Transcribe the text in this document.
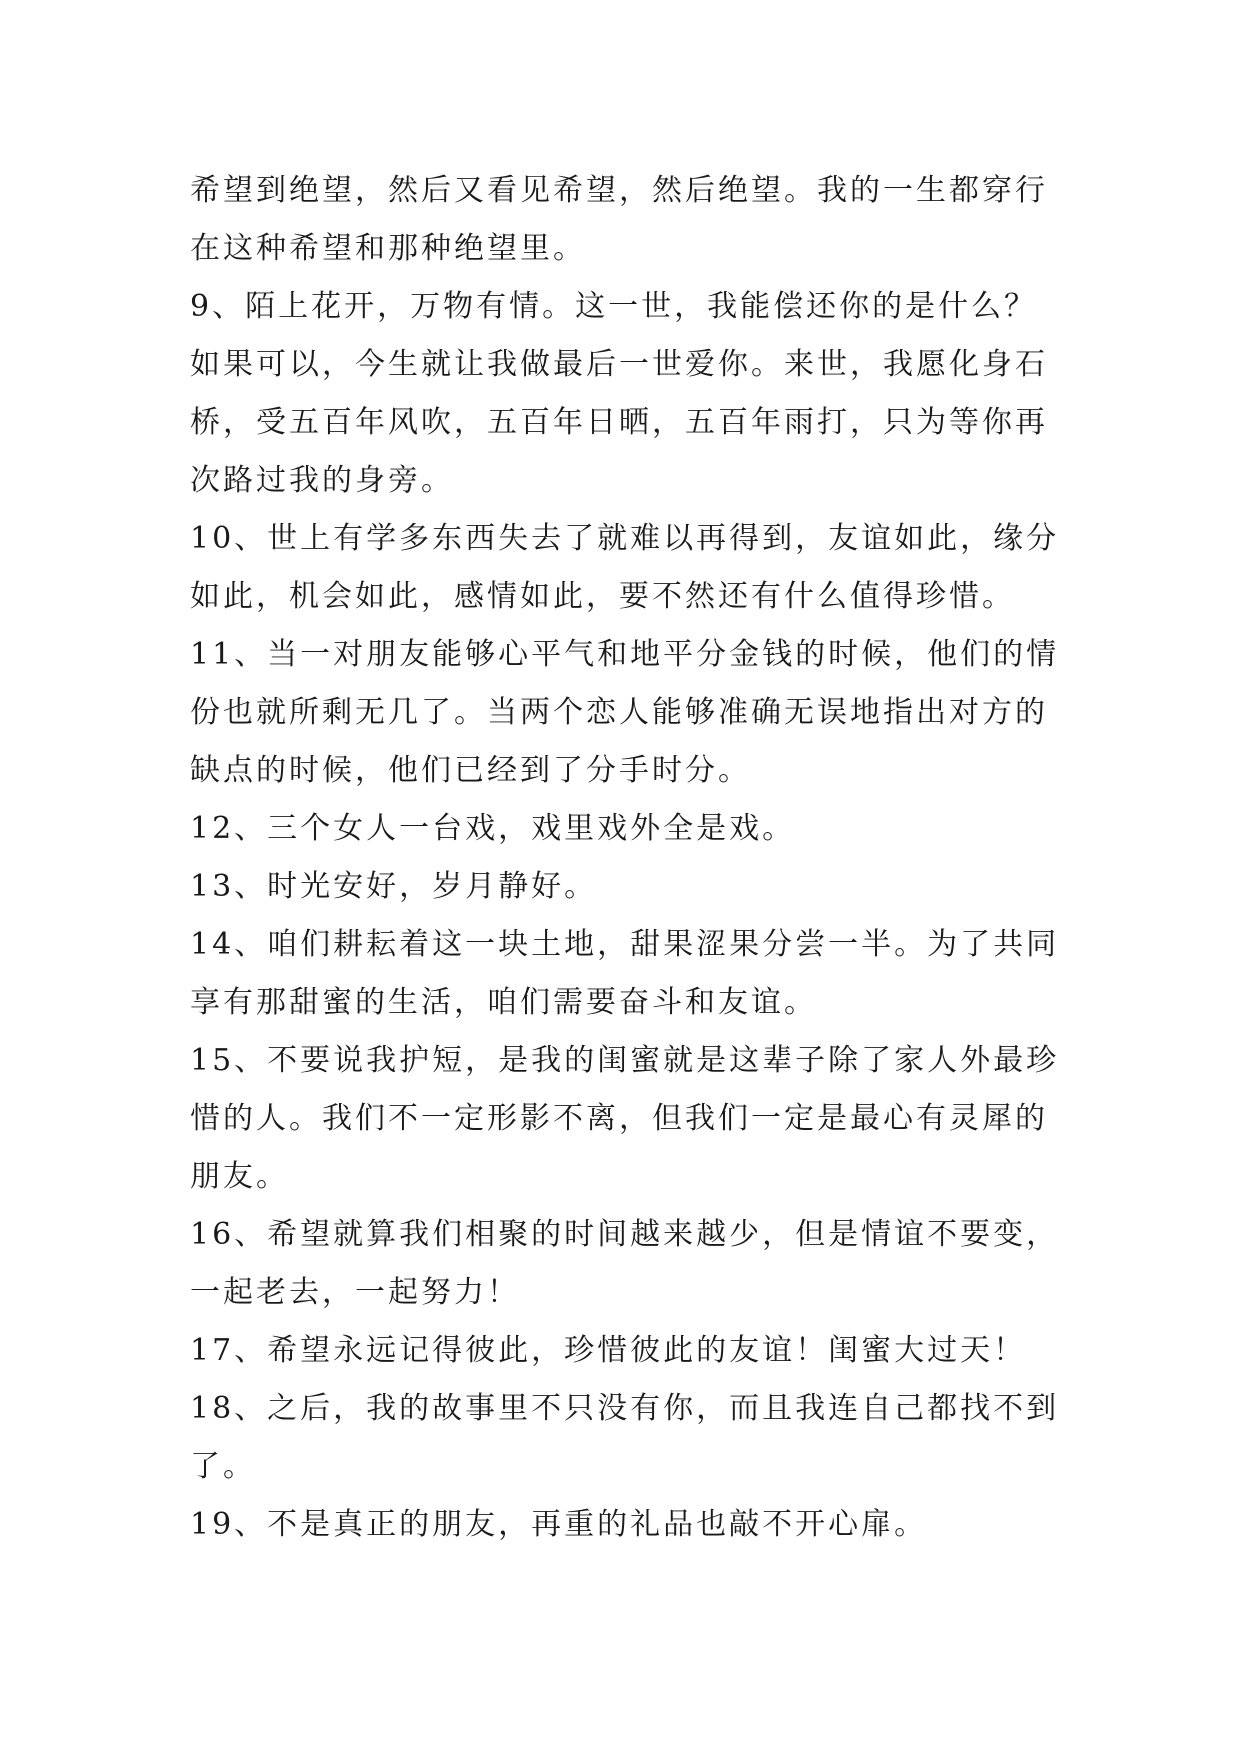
希望到绝望，然后又看见希望，然后绝望。我的一生都穿行
在这种希望和那种绝望里。

9、陌上花开，万物有情。这一世，我能偿还你的是什么？
如果可以，今生就让我做最后一世爱你。来世，我愿化身石
桥，受五百年风吹，五百年日晒，五百年雨打，只为等你再
次路过我的身旁。

10、世上有学多东西失去了就难以再得到，友谊如此，缘分
如此，机会如此，感情如此，要不然还有什么值得珍惜。

11、当一对朋友能够心平气和地平分金钱的时候，他们的情
份也就所剩无几了。当两个恋人能够准确无误地指出对方的
缺点的时候，他们已经到了分手时分。

12、三个女人一台戏，戏里戏外全是戏。

13、时光安好，岁月静好。

14、咱们耕耘着这一块土地，甜果涩果分尝一半。为了共同
享有那甜蜜的生活，咱们需要奋斗和友谊。

15、不要说我护短，是我的闺蜜就是这辈子除了家人外最珍
惜的人。我们不一定形影不离，但我们一定是最心有灵犀的
朋友。

16、希望就算我们相聚的时间越来越少，但是情谊不要变，
一起老去，一起努力！

17、希望永远记得彼此，珍惜彼此的友谊！闺蜜大过天！

18、之后，我的故事里不只没有你，而且我连自己都找不到
了。

19、不是真正的朋友，再重的礼品也敲不开心扉。
